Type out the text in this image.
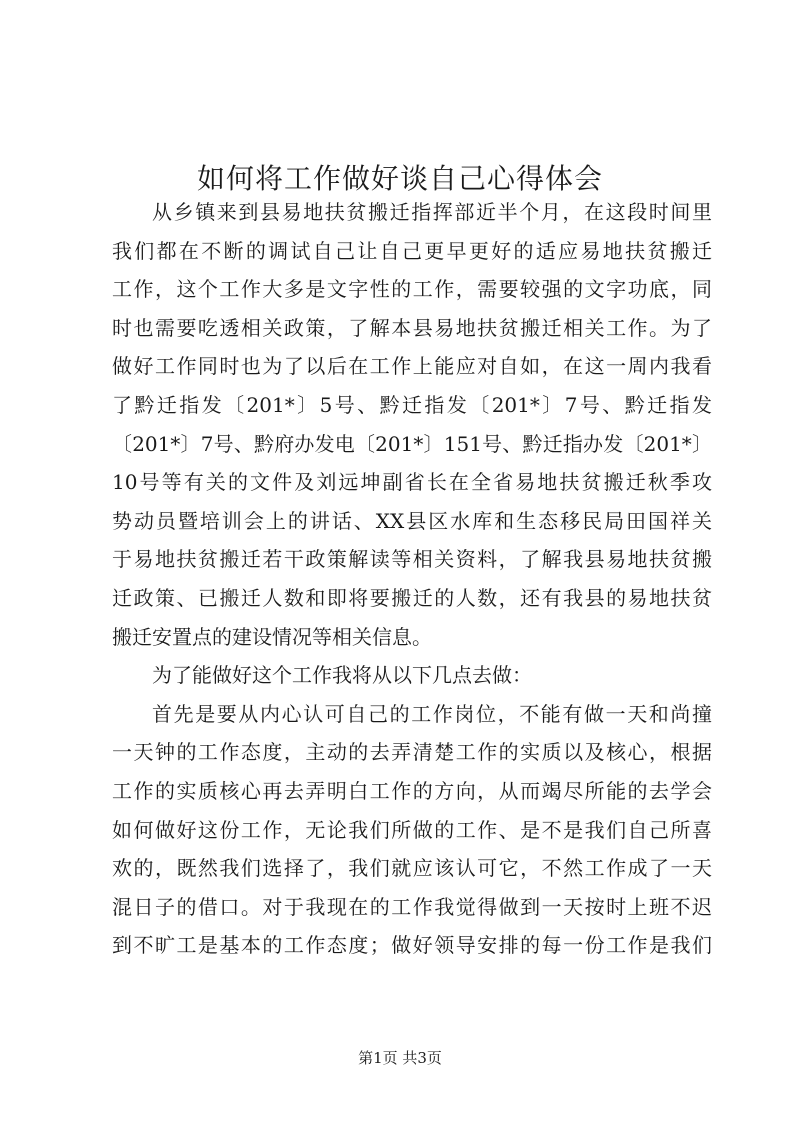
如何将工作做好谈自己心得体会
从乡镇来到县易地扶贫搬迁指挥部近半个月，在这段时间里
我们都在不断的调试自己让自己更早更好的适应易地扶贫搬迁
工作，这个工作大多是文字性的工作，需要较强的文字功底，同
时也需要吃透相关政策，了解本县易地扶贫搬迁相关工作。为了
做好工作同时也为了以后在工作上能应对自如，在这一周内我看
了黔迁指发〔201*〕5号、黔迁指发〔201*〕7号、黔迁指发
〔201*〕7号、黔府办发电〔201*〕151号、黔迁指办发〔201*〕
10号等有关的文件及刘远坤副省长在全省易地扶贫搬迁秋季攻
势动员暨培训会上的讲话、XX县区水库和生态移民局田国祥关
于易地扶贫搬迁若干政策解读等相关资料，了解我县易地扶贫搬
迁政策、已搬迁人数和即将要搬迁的人数，还有我县的易地扶贫
搬迁安置点的建设情况等相关信息。
为了能做好这个工作我将从以下几点去做：
首先是要从内心认可自己的工作岗位，不能有做一天和尚撞
一天钟的工作态度，主动的去弄清楚工作的实质以及核心，根据
工作的实质核心再去弄明白工作的方向，从而竭尽所能的去学会
如何做好这份工作，无论我们所做的工作、是不是我们自己所喜
欢的，既然我们选择了，我们就应该认可它，不然工作成了一天
混日子的借口。对于我现在的工作我觉得做到一天按时上班不迟
到不旷工是基本的工作态度；做好领导安排的每一份工作是我们
第1页 共3页
